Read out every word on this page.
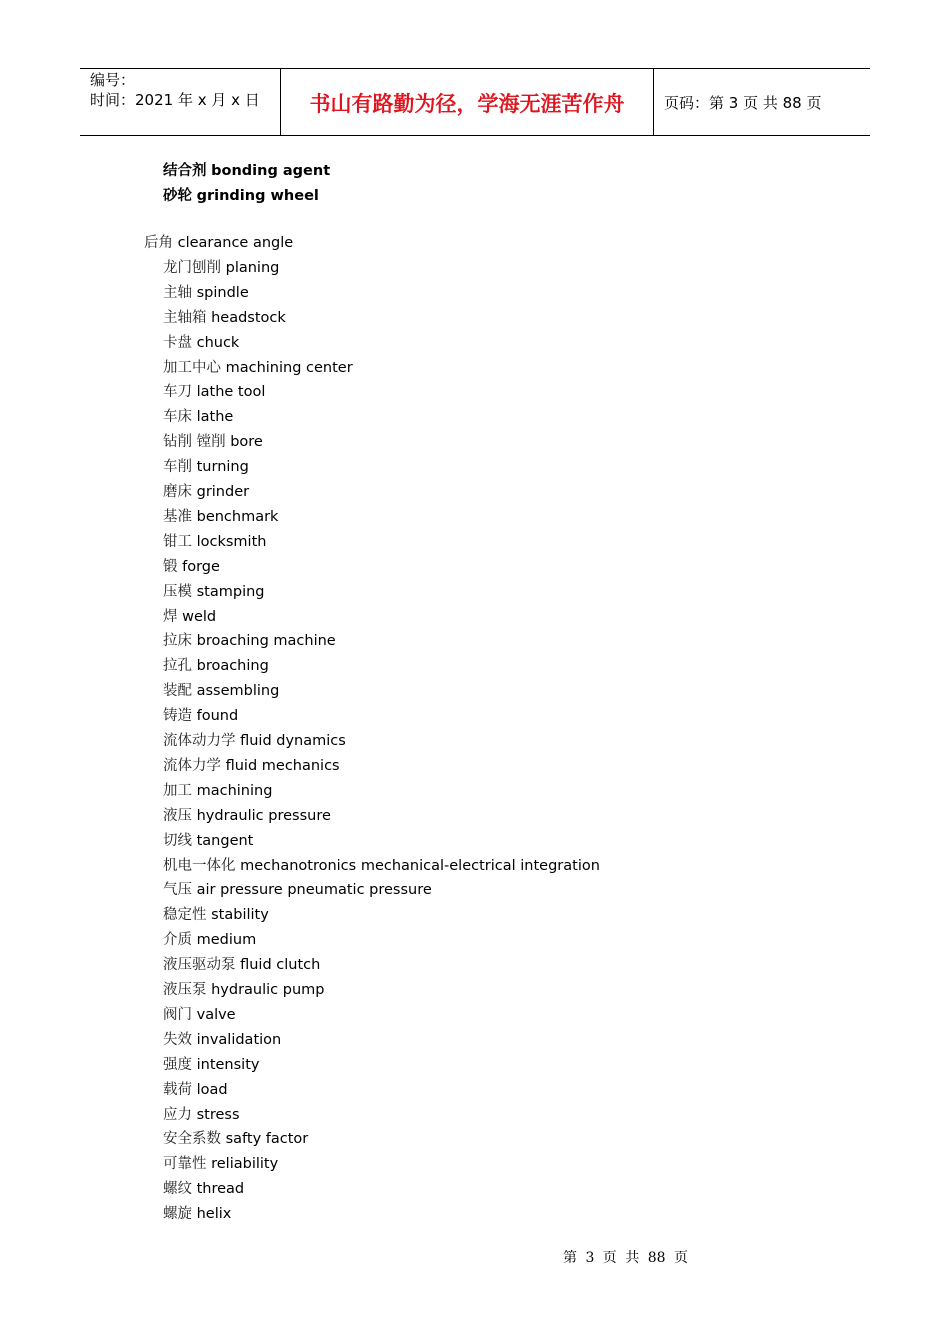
编号：
时间：2021 年 x 月 x 日	书山有路勤为径，学海无涯苦作舟	页码：第 3 页 共 88 页
结合剂 bonding agent
砂轮 grinding wheel
后角 clearance angle
龙门刨削 planing
主轴 spindle
主轴箱 headstock
卡盘 chuck
加工中心 machining center
车刀 lathe tool
车床 lathe
钻削 镗削 bore
车削 turning
磨床 grinder
基准 benchmark
钳工 locksmith
锻 forge
压模 stamping
焊 weld
拉床 broaching machine
拉孔 broaching
装配 assembling
铸造 found
流体动力学 fluid dynamics
流体力学 fluid mechanics
加工 machining
液压 hydraulic pressure
切线 tangent
机电一体化 mechanotronics mechanical-electrical integration
气压 air pressure pneumatic pressure
稳定性 stability
介质 medium
液压驱动泵 fluid clutch
液压泵 hydraulic pump
阀门 valve
失效 invalidation
强度 intensity
载荷 load
应力 stress
安全系数 safty factor
可靠性 reliability
螺纹 thread
螺旋 helix
第 3 页 共 88 页
